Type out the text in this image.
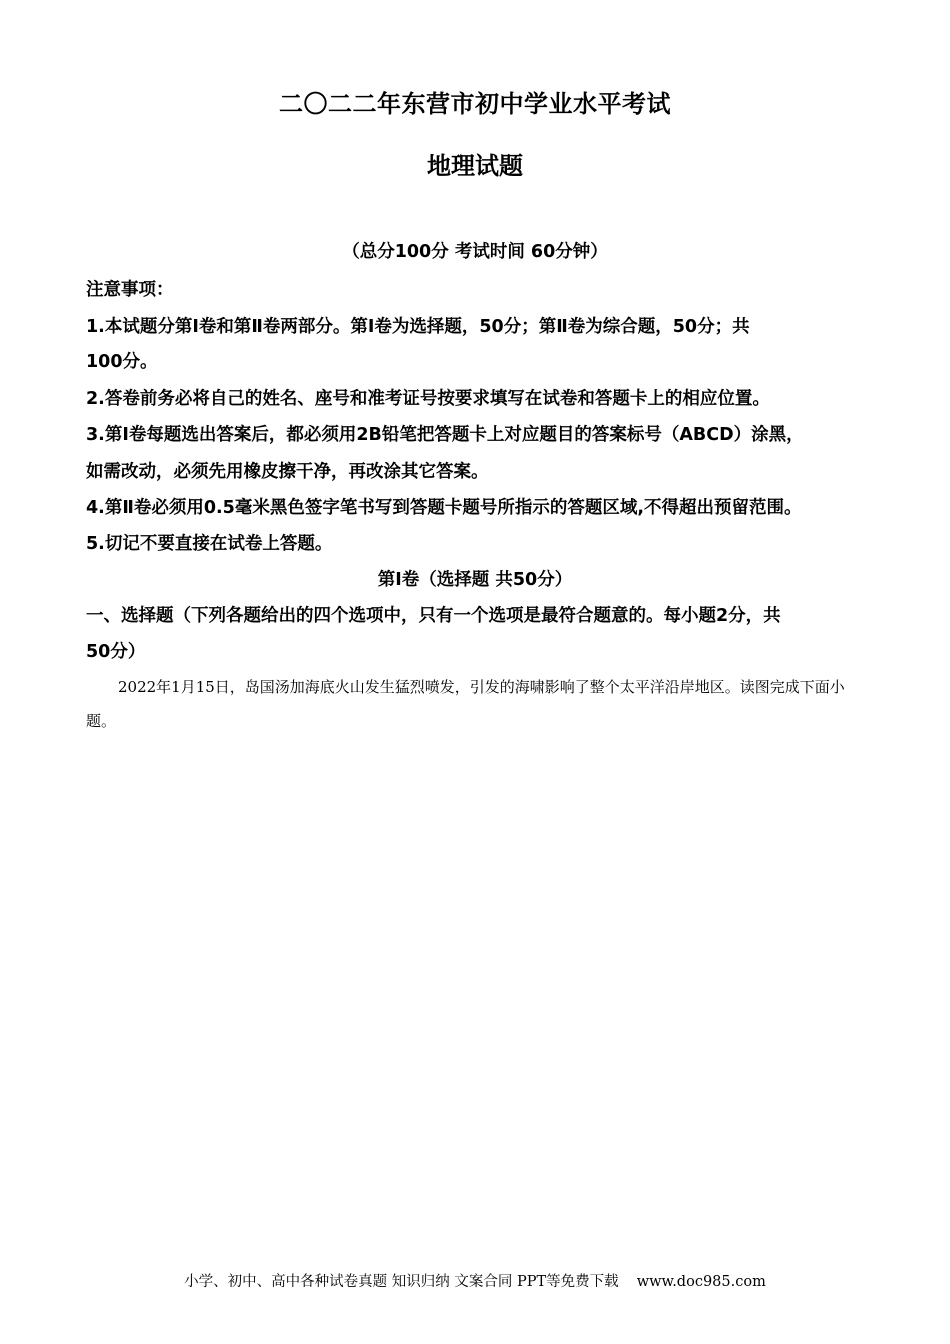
二〇二二年东营市初中学业水平考试
地理试题
（总分100分 考试时间 60分钟）
注意事项：
1.本试题分第Ⅰ卷和第Ⅱ卷两部分。第Ⅰ卷为选择题，50分；第Ⅱ卷为综合题，50分；共
100分。
2.答卷前务必将自己的姓名、座号和准考证号按要求填写在试卷和答题卡上的相应位置。
3.第Ⅰ卷每题选出答案后，都必须用2B铅笔把答题卡上对应题目的答案标号（ABCD）涂黑，
如需改动，必须先用橡皮擦干净，再改涂其它答案。
4.第Ⅱ卷必须用0.5毫米黑色签字笔书写到答题卡题号所指示的答题区域,不得超出预留范围。
5.切记不要直接在试卷上答题。
第Ⅰ卷（选择题 共50分）
一、选择题（下列各题给出的四个选项中，只有一个选项是最符合题意的。每小题2分，共
50分）
2022年1月15日，岛国汤加海底火山发生猛烈喷发，引发的海啸影响了整个太平洋沿岸地区。读图完成下面小题。
小学、初中、高中各种试卷真题 知识归纳 文案合同 PPT等免费下载 www.doc985.com
